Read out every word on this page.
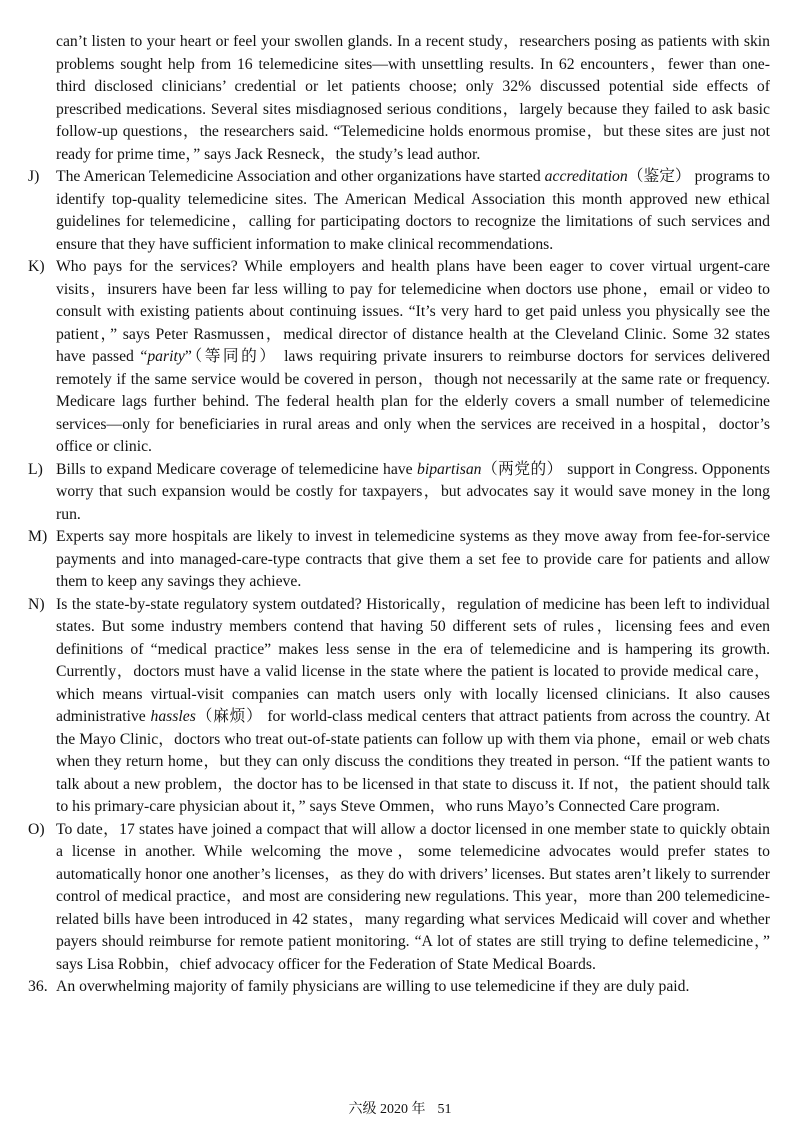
can’t listen to your heart or feel your swollen glands. In a recent study，researchers posing as patients with skin problems sought help from 16 telemedicine sites—with unsettling results. In 62 encounters，fewer than one-third disclosed clinicians’ credential or let patients choose; only 32% discussed potential side effects of prescribed medications. Several sites misdiagnosed serious conditions，largely because they failed to ask basic follow-up questions，the researchers said. “Telemedicine holds enormous promise，but these sites are just not ready for prime time，” says Jack Resneck，the study’s lead author.

J)	The American Telemedicine Association and other organizations have started accreditation（鉴定） programs to identify top-quality telemedicine sites. The American Medical Association this month approved new ethical guidelines for telemedicine，calling for participating doctors to recognize the limitations of such services and ensure that they have sufficient information to make clinical recommendations.
K) Who pays for the services? While employers and health plans have been eager to cover virtual urgent-care visits，insurers have been far less willing to pay for telemedicine when doctors use phone，email or video to consult with existing patients about continuing issues. “It’s very hard to get paid unless you physically see the patient，” says Peter Rasmussen，medical director of distance health at the Cleveland Clinic. Some 32 states have passed “parity”（等同的） laws requiring private insurers to reimburse doctors for services delivered remotely if the same service would be covered in person，though not necessarily at the same rate or frequency. Medicare lags further behind. The federal health plan for the elderly covers a small number of telemedicine services—only for beneficiaries in rural areas and only when the services are received in a hospital，doctor’s office or clinic.
L) Bills to expand Medicare coverage of telemedicine have bipartisan（两党的） support in Congress. Opponents worry that such expansion would be costly for taxpayers，but advocates say it would save money in the long run.
M) Experts say more hospitals are likely to invest in telemedicine systems as they move away from fee-for-service payments and into managed-care-type contracts that give them a set fee to provide care for patients and allow them to keep any savings they achieve.
N) Is the state-by-state regulatory system outdated? Historically，regulation of medicine has been left to individual states. But some industry members contend that having 50 different sets of rules，licensing fees and even definitions of “medical practice” makes less sense in the era of telemedicine and is hampering its growth. Currently，doctors must have a valid license in the state where the patient is located to provide medical care，which means virtual-visit companies can match users only with locally licensed clinicians. It also causes administrative hassles（麻烦） for world-class medical centers that attract patients from across the country. At the Mayo Clinic，doctors who treat out-of-state patients can follow up with them via phone，email or web chats when they return home，but they can only discuss the conditions they treated in person. “If the patient wants to talk about a new problem，the doctor has to be licensed in that state to discuss it. If not，the patient should talk to his primary-care physician about it，” says Steve Ommen，who runs Mayo’s Connected Care program.
O) To date，17 states have joined a compact that will allow a doctor licensed in one member state to quickly obtain a license in another. While welcoming the move，some telemedicine advocates would prefer states to automatically honor one another’s licenses，as they do with drivers’ licenses. But states aren’t likely to surrender control of medical practice，and most are considering new regulations. This year，more than 200 telemedicine-related bills have been introduced in 42 states，many regarding what services Medicaid will cover and whether payers should reimburse for remote patient monitoring. “A lot of states are still trying to define telemedicine，” says Lisa Robbin，chief advocacy officer for the Federation of State Medical Boards.
36. An overwhelming majority of family physicians are willing to use telemedicine if they are duly paid.
六级 2020 年 51
